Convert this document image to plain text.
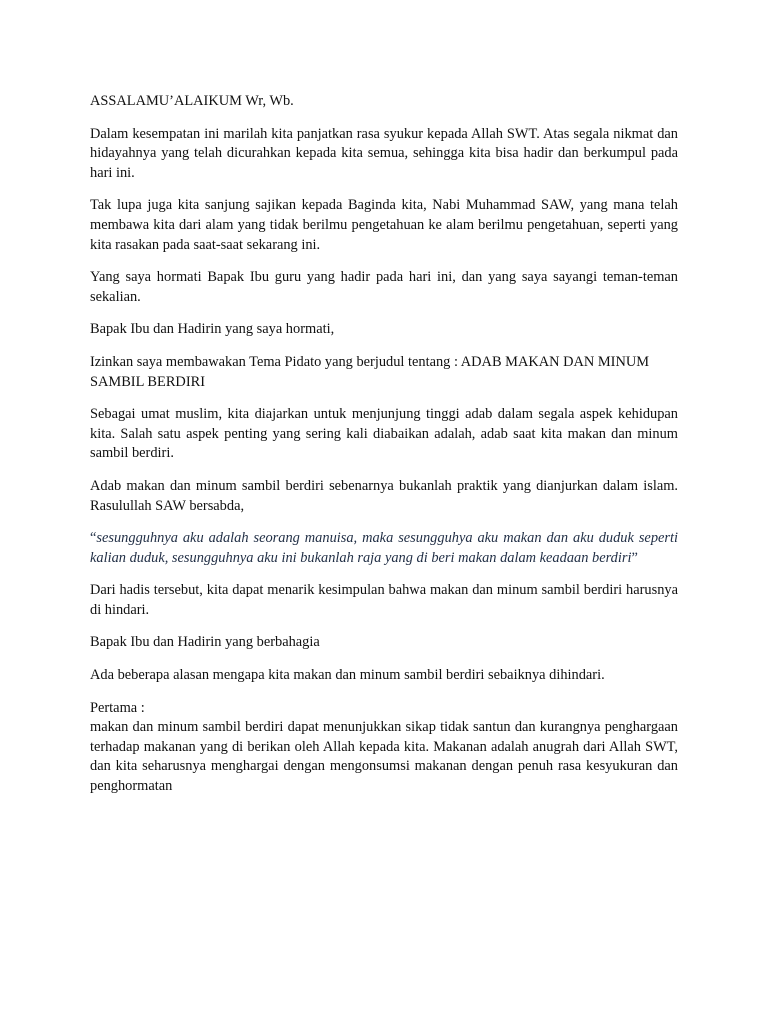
ASSALAMU’ALAIKUM Wr, Wb.

Dalam kesempatan ini marilah kita panjatkan rasa syukur kepada Allah SWT. Atas segala nikmat dan hidayahnya yang telah dicurahkan kepada kita semua, sehingga kita bisa hadir dan berkumpul pada hari ini.

Tak lupa juga kita sanjung sajikan kepada Baginda kita, Nabi Muhammad SAW, yang mana telah membawa kita dari alam yang tidak berilmu pengetahuan ke alam berilmu pengetahuan, seperti yang kita rasakan pada saat-saat sekarang ini.

Yang saya hormati Bapak Ibu guru yang hadir pada hari ini, dan yang saya sayangi teman-teman sekalian.

Bapak Ibu dan Hadirin yang saya hormati,

Izinkan saya membawakan Tema Pidato yang berjudul tentang : ADAB MAKAN DAN MINUM SAMBIL BERDIRI

Sebagai umat muslim, kita diajarkan untuk menjunjung tinggi adab dalam segala aspek kehidupan kita. Salah satu aspek penting yang sering kali diabaikan adalah, adab saat kita makan dan minum sambil berdiri.

Adab makan dan minum sambil berdiri sebenarnya bukanlah praktik yang dianjurkan dalam islam. Rasulullah SAW bersabda,

“sesungguhnya aku adalah seorang manuisa, maka sesungguhya aku makan dan aku duduk seperti kalian duduk, sesungguhnya aku ini bukanlah raja yang di beri makan dalam keadaan berdiri”

Dari hadis tersebut, kita dapat menarik kesimpulan bahwa makan dan minum sambil berdiri harusnya di hindari.

Bapak Ibu dan Hadirin yang berbahagia

Ada beberapa alasan mengapa kita makan dan minum sambil berdiri sebaiknya dihindari.

Pertama :
makan dan minum sambil berdiri dapat menunjukkan sikap tidak santun dan kurangnya penghargaan terhadap makanan yang di berikan oleh Allah kepada kita. Makanan adalah anugrah dari Allah SWT, dan kita seharusnya menghargai dengan mengonsumsi makanan dengan penuh rasa kesyukuran dan penghormatan
